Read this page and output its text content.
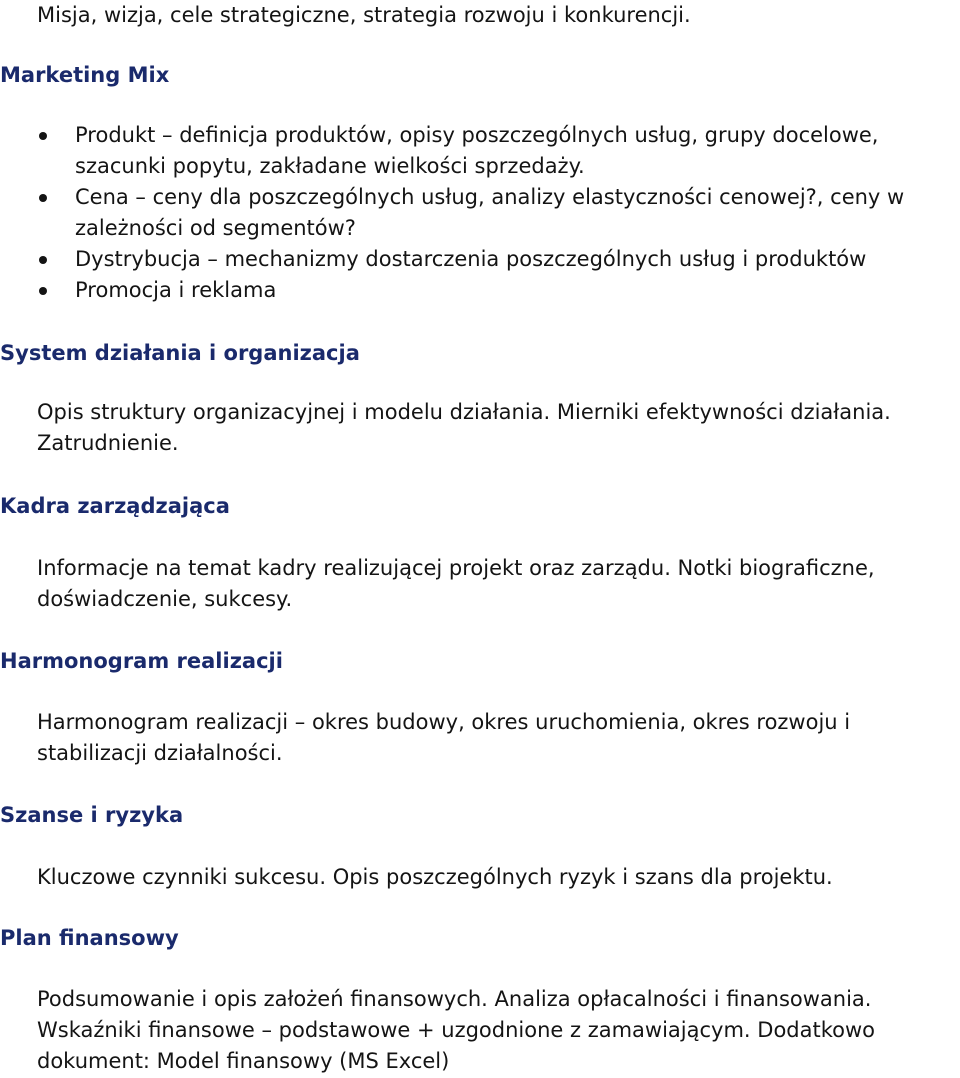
Misja, wizja, cele strategiczne, strategia rozwoju i konkurencji.

Marketing Mix
Produkt – definicja produktów, opisy poszczególnych usług, grupy docelowe, szacunki popytu, zakładane wielkości sprzedaży.
Cena – ceny dla poszczególnych usług, analizy elastyczności cenowej?, ceny w zależności od segmentów?
Dystrybucja – mechanizmy dostarczenia poszczególnych usług i produktów
Promocja i reklama
System działania i organizacja

Opis struktury organizacyjnej i modelu działania. Mierniki efektywności działania. Zatrudnienie.

Kadra zarządzająca

Informacje na temat kadry realizującej projekt oraz zarządu. Notki biograficzne, doświadczenie, sukcesy.

Harmonogram realizacji

Harmonogram realizacji – okres budowy, okres uruchomienia, okres rozwoju i stabilizacji działalności.

Szanse i ryzyka

Kluczowe czynniki sukcesu. Opis poszczególnych ryzyk i szans dla projektu.

Plan finansowy

Podsumowanie i opis założeń finansowych. Analiza opłacalności i finansowania. Wskaźniki finansowe – podstawowe + uzgodnione z zamawiającym. Dodatkowo dokument: Model finansowy (MS Excel)
